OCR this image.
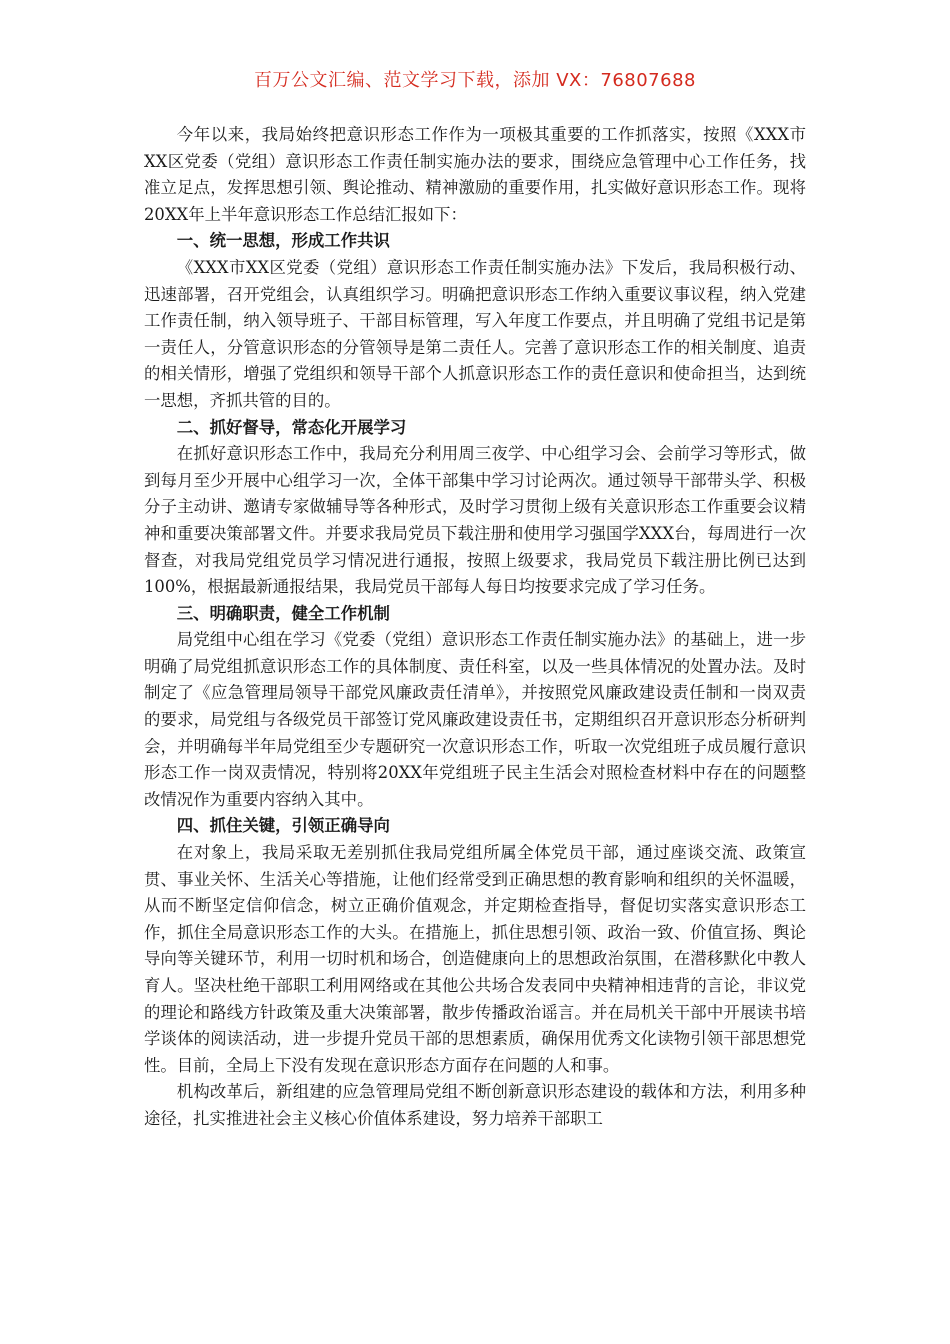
百万公文汇编、范文学习下载，添加 VX：76807688

今年以来，我局始终把意识形态工作作为一项极其重要的工作抓落实，按照《XXX市XX区党委（党组）意识形态工作责任制实施办法的要求，围绕应急管理中心工作任务，找准立足点，发挥思想引领、舆论推动、精神激励的重要作用，扎实做好意识形态工作。现将20XX年上半年意识形态工作总结汇报如下：

一、统一思想，形成工作共识

《XXX市XX区党委（党组）意识形态工作责任制实施办法》下发后，我局积极行动、迅速部署，召开党组会，认真组织学习。明确把意识形态工作纳入重要议事议程，纳入党建工作责任制，纳入领导班子、干部目标管理，写入年度工作要点，并且明确了党组书记是第一责任人，分管意识形态的分管领导是第二责任人。完善了意识形态工作的相关制度、追责的相关情形，增强了党组织和领导干部个人抓意识形态工作的责任意识和使命担当，达到统一思想，齐抓共管的目的。

二、抓好督导，常态化开展学习

在抓好意识形态工作中，我局充分利用周三夜学、中心组学习会、会前学习等形式，做到每月至少开展中心组学习一次，全体干部集中学习讨论两次。通过领导干部带头学、积极分子主动讲、邀请专家做辅导等各种形式，及时学习贯彻上级有关意识形态工作重要会议精神和重要决策部署文件。并要求我局党员下载注册和使用学习强国学XXX台，每周进行一次督查，对我局党组党员学习情况进行通报，按照上级要求，我局党员下载注册比例已达到100%，根据最新通报结果，我局党员干部每人每日均按要求完成了学习任务。

三、明确职责，健全工作机制

局党组中心组在学习《党委（党组）意识形态工作责任制实施办法》的基础上，进一步明确了局党组抓意识形态工作的具体制度、责任科室，以及一些具体情况的处置办法。及时制定了《应急管理局领导干部党风廉政责任清单》，并按照党风廉政建设责任制和一岗双责的要求，局党组与各级党员干部签订党风廉政建设责任书，定期组织召开意识形态分析研判会，并明确每半年局党组至少专题研究一次意识形态工作，听取一次党组班子成员履行意识形态工作一岗双责情况，特别将20XX年党组班子民主生活会对照检查材料中存在的问题整改情况作为重要内容纳入其中。

四、抓住关键，引领正确导向

在对象上，我局采取无差别抓住我局党组所属全体党员干部，通过座谈交流、政策宣贯、事业关怀、生活关心等措施，让他们经常受到正确思想的教育影响和组织的关怀温暖，从而不断坚定信仰信念，树立正确价值观念，并定期检查指导，督促切实落实意识形态工作，抓住全局意识形态工作的大头。在措施上，抓住思想引领、政治一致、价值宣扬、舆论导向等关键环节，利用一切时机和场合，创造健康向上的思想政治氛围，在潜移默化中教人育人。坚决杜绝干部职工利用网络或在其他公共场合发表同中央精神相违背的言论，非议党的理论和路线方针政策及重大决策部署，散步传播政治谣言。并在局机关干部中开展读书培学谈体的阅读活动，进一步提升党员干部的思想素质，确保用优秀文化读物引领干部思想党性。目前，全局上下没有发现在意识形态方面存在问题的人和事。

机构改革后，新组建的应急管理局党组不断创新意识形态建设的载体和方法，利用多种途径，扎实推进社会主义核心价值体系建设，努力培养干部职工
